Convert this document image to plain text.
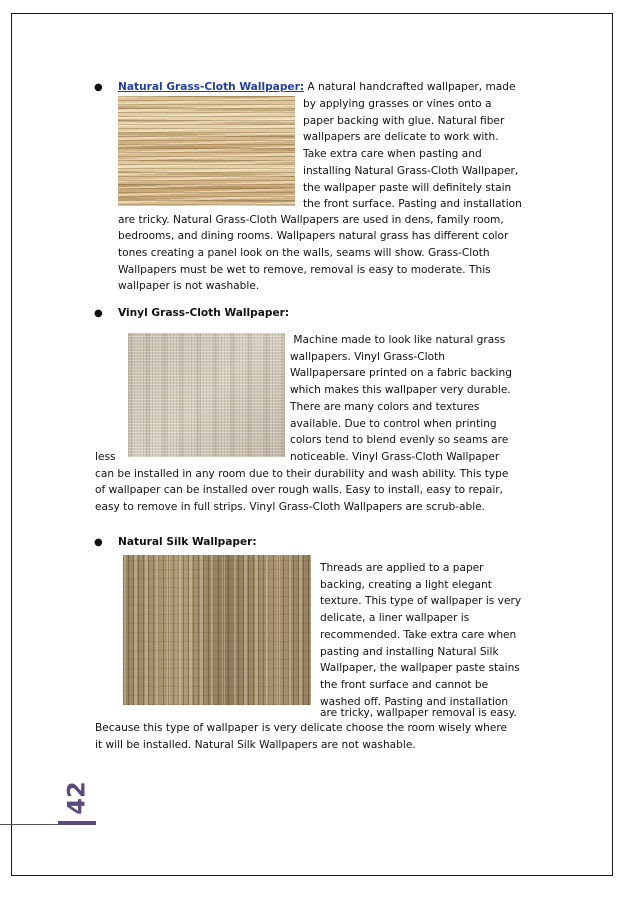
42
● Natural Grass-Cloth Wallpaper: A natural handcrafted wallpaper, made

by applying grasses or vines onto a

paper backing with glue. Natural fiber

wallpapers are delicate to work with.

Take extra care when pasting and

installing Natural Grass-Cloth Wallpaper,

the wallpaper paste will definitely stain

the front surface. Pasting and installation

are tricky. Natural Grass-Cloth Wallpapers are used in dens, family room,

bedrooms, and dining rooms. Wallpapers natural grass has different color

tones creating a panel look on the walls, seams will show. Grass-Cloth

Wallpapers must be wet to remove, removal is easy to moderate. This

wallpaper is not washable.

● Vinyl Grass-Cloth Wallpaper:

Machine made to look like natural grass

wallpapers. Vinyl Grass-Cloth

Wallpapersare printed on a fabric backing

which makes this wallpaper very durable.

There are many colors and textures

available. Due to control when printing

colors tend to blend evenly so seams are

noticeable. Vinyl Grass-Cloth Wallpaper

less

can be installed in any room due to their durability and wash ability. This type

of wallpaper can be installed over rough walls. Easy to install, easy to repair,

easy to remove in full strips. Vinyl Grass-Cloth Wallpapers are scrub-able.

● Natural Silk Wallpaper:

Threads are applied to a paper

backing, creating a light elegant

texture. This type of wallpaper is very

delicate, a liner wallpaper is

recommended. Take extra care when

pasting and installing Natural Silk

Wallpaper, the wallpaper paste stains

the front surface and cannot be

washed off. Pasting and installation

are tricky, wallpaper removal is easy.

Because this type of wallpaper is very delicate choose the room wisely where

it will be installed. Natural Silk Wallpapers are not washable.
